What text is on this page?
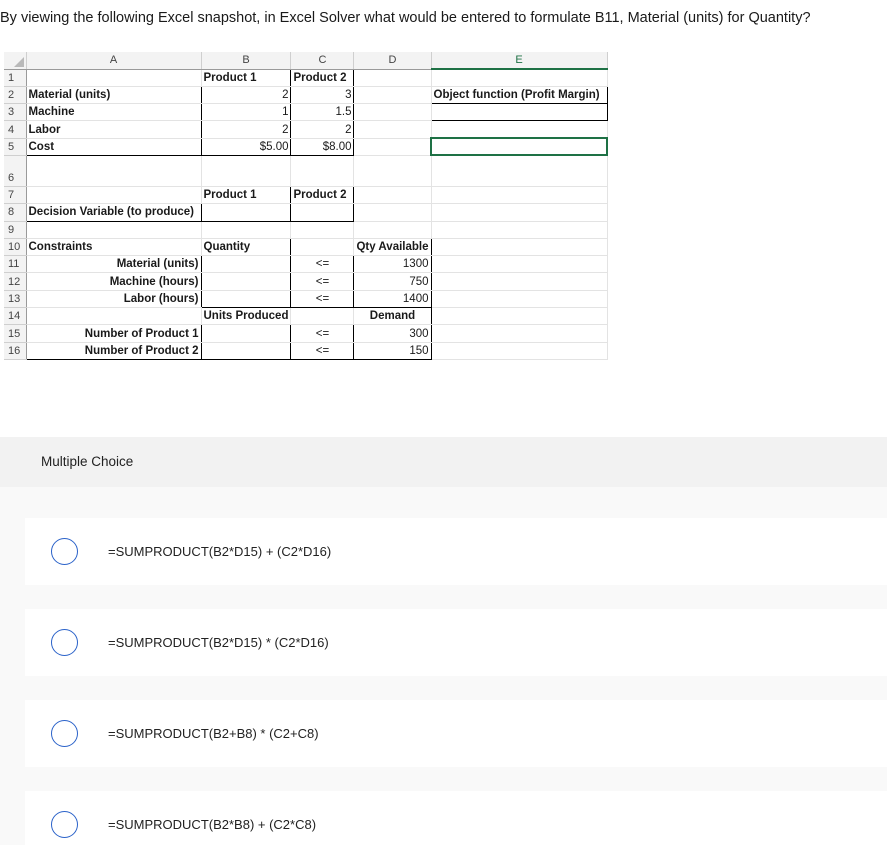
By viewing the following Excel snapshot, in Excel Solver what would be entered to formulate B11, Material (units) for Quantity?
	A	B	C	D	E
1		Product 1	Product 2		
2	Material (units)	2	3		Object function (Profit Margin)
3	Machine	1	1.5		
4	Labor	2	2		
5	Cost	$5.00	$8.00		
6					
7		Product 1	Product 2		
8	Decision Variable (to produce)				
9					
10	Constraints	Quantity		Qty Available	
11	Material (units)		<=	1300	
12	Machine (hours)		<=	750	
13	Labor (hours)		<=	1400	
14		Units Produced		Demand	
15	Number of Product 1		<=	300	
16	Number of Product 2		<=	150	
Multiple Choice
=SUMPRODUCT(B2*D15) + (C2*D16)
=SUMPRODUCT(B2*D15) * (C2*D16)
=SUMPRODUCT(B2+B8) * (C2+C8)
=SUMPRODUCT(B2*B8) + (C2*C8)
